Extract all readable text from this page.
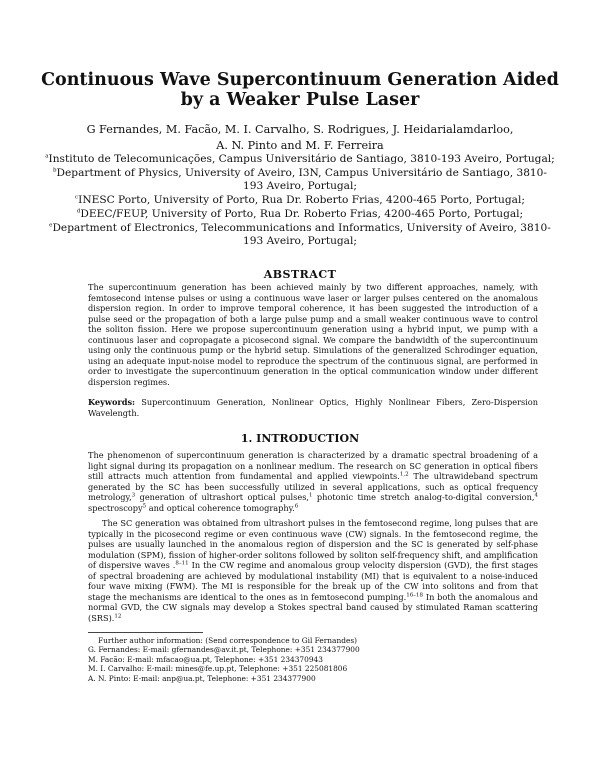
Continuous Wave Supercontinuum Generation Aided by a Weaker Pulse Laser
G Fernandes, M. Facão, M. I. Carvalho, S. Rodrigues, J. Heidarialamdarloo,
A. N. Pinto and M. F. Ferreira
$^a$Instituto de Telecomunicações, Campus Universitário de Santiago, 3810-193 Aveiro, Portugal;
$^b$Department of Physics, University of Aveiro, I3N, Campus Universitário de Santiago, 3810-193 Aveiro, Portugal;
$^c$INESC Porto, University of Porto, Rua Dr. Roberto Frias, 4200-465 Porto, Portugal;
$^d$DEEC/FEUP, University of Porto, Rua Dr. Roberto Frias, 4200-465 Porto, Portugal;
$^e$Department of Electronics, Telecommunications and Informatics, University of Aveiro, 3810-193 Aveiro, Portugal;
ABSTRACT
The supercontinuum generation has been achieved mainly by two different approaches, namely, with femtosecond intense pulses or using a continuous wave laser or larger pulses centered on the anomalous dispersion region. In order to improve temporal coherence, it has been suggested the introduction of a pulse seed or the propagation of both a large pulse pump and a small weaker continuous wave to control the soliton fission. Here we propose supercontinuum generation using a hybrid input, we pump with a continuous laser and copropagate a picosecond signal. We compare the bandwidth of the supercontinuum using only the continuous pump or the hybrid setup. Simulations of the generalized Schrodinger equation, using an adequate input-noise model to reproduce the spectrum of the continuous signal, are performed in order to investigate the supercontinuum generation in the optical communication window under different dispersion regimes.
Keywords: Supercontinuum Generation, Nonlinear Optics, Highly Nonlinear Fibers, Zero-Dispersion Wavelength.
1. INTRODUCTION
The phenomenon of supercontinuum generation is characterized by a dramatic spectral broadening of a light signal during its propagation on a nonlinear medium. The research on SC generation in optical fibers still attracts much attention from fundamental and applied viewpoints.$^{1,2}$ The ultrawideband spectrum generated by the SC has been successfully utilized in several applications, such as optical frequency metrology,$^3$ generation of ultrashort optical pulses,$^1$ photonic time stretch analog-to-digital conversion,$^4$ spectroscopy$^5$ and optical coherence tomography.$^6$
The SC generation was obtained from ultrashort pulses in the femtosecond regime, long pulses that are typically in the picosecond regime or even continuous wave (CW) signals. In the femtosecond regime, the pulses are usually launched in the anomalous region of dispersion and the SC is generated by self-phase modulation (SPM), fission of higher-order solitons followed by soliton self-frequency shift, and amplification of dispersive waves .$^{8-11}$ In the CW regime and anomalous group velocity dispersion (GVD), the first stages of spectral broadening are achieved by modulational instability (MI) that is equivalent to a noise-induced four wave mixing (FWM). The MI is responsible for the break up of the CW into solitons and from that stage the mechanisms are identical to the ones as in femtosecond pumping.$^{16-18}$ In both the anomalous and normal GVD, the CW signals may develop a Stokes spectral band caused by stimulated Raman scattering (SRS).$^{12}$
Further author information: (Send correspondence to Gil Fernandes)
G. Fernandes: E-mail: gfernandes@av.it.pt, Telephone: +351 234377900
M. Facão: E-mail: mfacao@ua.pt, Telephone: +351 234370943
M. I. Carvalho: E-mail: mines@fe.up.pt, Telephone: +351 225081806
A. N. Pinto: E-mail: anp@ua.pt, Telephone: +351 234377900
